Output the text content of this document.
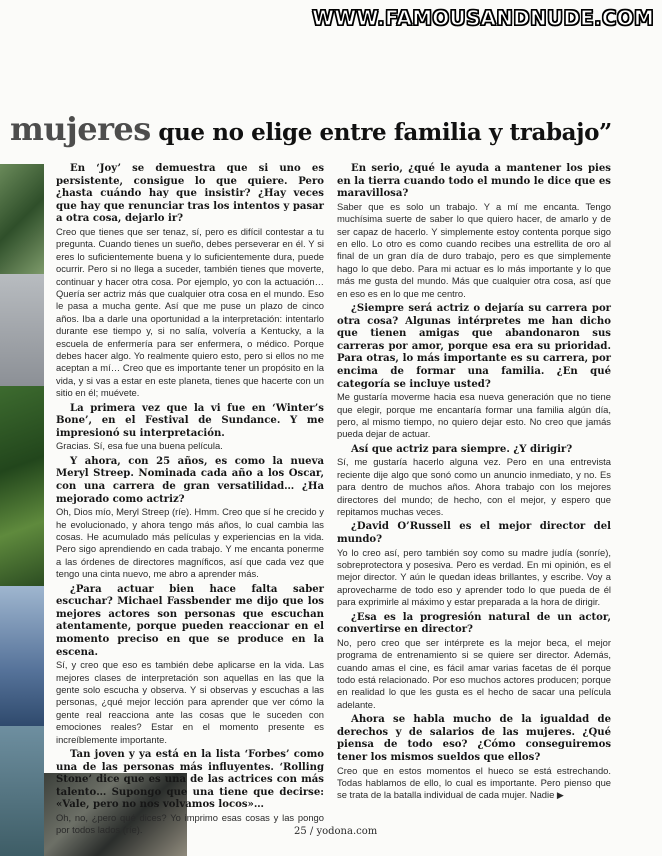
WWW.FAMOUSANDNUDE.COM
mujeres que no elige entre familia y trabajo”

En ‘Joy’ se demuestra que si uno es persistente, consigue lo que quiere. Pero ¿hasta cuándo hay que insistir? ¿Hay veces que hay que renunciar tras los intentos y pasar a otra cosa, dejarlo ir?

Creo que tienes que ser tenaz, sí, pero es difícil contestar a tu pregunta. Cuando tienes un sueño, debes perseverar en él. Y si eres lo suficientemente buena y lo suficientemente dura, puede ocurrir. Pero si no llega a suceder, también tienes que moverte, continuar y hacer otra cosa. Por ejemplo, yo con la actuación… Quería ser actriz más que cualquier otra cosa en el mundo. Eso le pasa a mucha gente. Así que me puse un plazo de cinco años. Iba a darle una oportunidad a la interpretación: intentarlo durante ese tiempo y, si no salía, volvería a Kentucky, a la escuela de enfermería para ser enfermera, o médico. Porque debes hacer algo. Yo realmente quiero esto, pero si ellos no me aceptan a mí… Creo que es importante tener un propósito en la vida, y si vas a estar en este planeta, tienes que hacerte con un sitio en él; muévete.

La primera vez que la vi fue en ‘Winter’s Bone’, en el Festival de Sundance. Y me impresionó su interpretación.

Gracias. Sí, esa fue una buena película.

Y ahora, con 25 años, es como la nueva Meryl Streep. Nominada cada año a los Oscar, con una carrera de gran versatilidad… ¿Ha mejorado como actriz?

Oh, Dios mío, Meryl Streep (ríe). Hmm. Creo que sí he crecido y he evolucionado, y ahora tengo más años, lo cual cambia las cosas. He acumulado más películas y experiencias en la vida. Pero sigo aprendiendo en cada trabajo. Y me encanta ponerme a las órdenes de directores magníficos, así que cada vez que tengo una cinta nuevo, me abro a aprender más.

¿Para actuar bien hace falta saber escuchar? Michael Fassbender me dijo que los mejores actores son personas que escuchan atentamente, porque pueden reaccionar en el momento preciso en que se produce en la escena.

Sí, y creo que eso es también debe aplicarse en la vida. Las mejores clases de interpretación son aquellas en las que la gente solo escucha y observa. Y si observas y escuchas a las personas, ¿qué mejor lección para aprender que ver cómo la gente real reacciona ante las cosas que le suceden con emociones reales? Estar en el momento presente es increíblemente importante.

Tan joven y ya está en la lista ‘Forbes’ como una de las personas más influyentes. ‘Rolling Stone’ dice que es una de las actrices con más talento… Supongo que una tiene que decirse: «Vale, pero no nos volvamos locos»…

Oh, no, ¿pero qué dices? Yo imprimo esas cosas y las pongo por todos lados (ríe).

En serio, ¿qué le ayuda a mantener los pies en la tierra cuando todo el mundo le dice que es maravillosa?

Saber que es solo un trabajo. Y a mí me encanta. Tengo muchísima suerte de saber lo que quiero hacer, de amarlo y de ser capaz de hacerlo. Y simplemente estoy contenta porque sigo en ello. Lo otro es como cuando recibes una estrellita de oro al final de un gran día de duro trabajo, pero es que simplemente hago lo que debo. Para mi actuar es lo más importante y lo que más me gusta del mundo. Más que cualquier otra cosa, así que en eso es en lo que me centro.

¿Siempre será actriz o dejaría su carrera por otra cosa? Algunas intérpretes me han dicho que tienen amigas que abandonaron sus carreras por amor, porque esa era su prioridad. Para otras, lo más importante es su carrera, por encima de formar una familia. ¿En qué categoría se incluye usted?

Me gustaría moverme hacia esa nueva generación que no tiene que elegir, porque me encantaría formar una familia algún día, pero, al mismo tiempo, no quiero dejar esto. No creo que jamás pueda dejar de actuar.

Así que actriz para siempre. ¿Y dirigir?

Sí, me gustaría hacerlo alguna vez. Pero en una entrevista reciente dije algo que sonó como un anuncio inmediato, y no. Es para dentro de muchos años. Ahora trabajo con los mejores directores del mundo; de hecho, con el mejor, y espero que repitamos muchas veces.

¿David O’Russell es el mejor director del mundo?

Yo lo creo así, pero también soy como su madre judía (sonríe), sobreprotectora y posesiva. Pero es verdad. En mi opinión, es el mejor director. Y aún le quedan ideas brillantes, y escribe. Voy a aprovecharme de todo eso y aprender todo lo que pueda de él para exprimirle al máximo y estar preparada a la hora de dirigir.

¿Esa es la progresión natural de un actor, convertirse en director?

No, pero creo que ser intérprete es la mejor beca, el mejor programa de entrenamiento si se quiere ser director. Además, cuando amas el cine, es fácil amar varias facetas de él porque todo está relacionado. Por eso muchos actores producen; porque en realidad lo que les gusta es el hecho de sacar una película adelante.

Ahora se habla mucho de la igualdad de derechos y de salarios de las mujeres. ¿Qué piensa de todo eso? ¿Cómo conseguiremos tener los mismos sueldos que ellos?

Creo que en estos momentos el hueco se está estrechando. Todas hablamos de ello, lo cual es importante. Pero pienso que se trata de la batalla individual de cada mujer. Nadie ▶

25 / yodona.com
